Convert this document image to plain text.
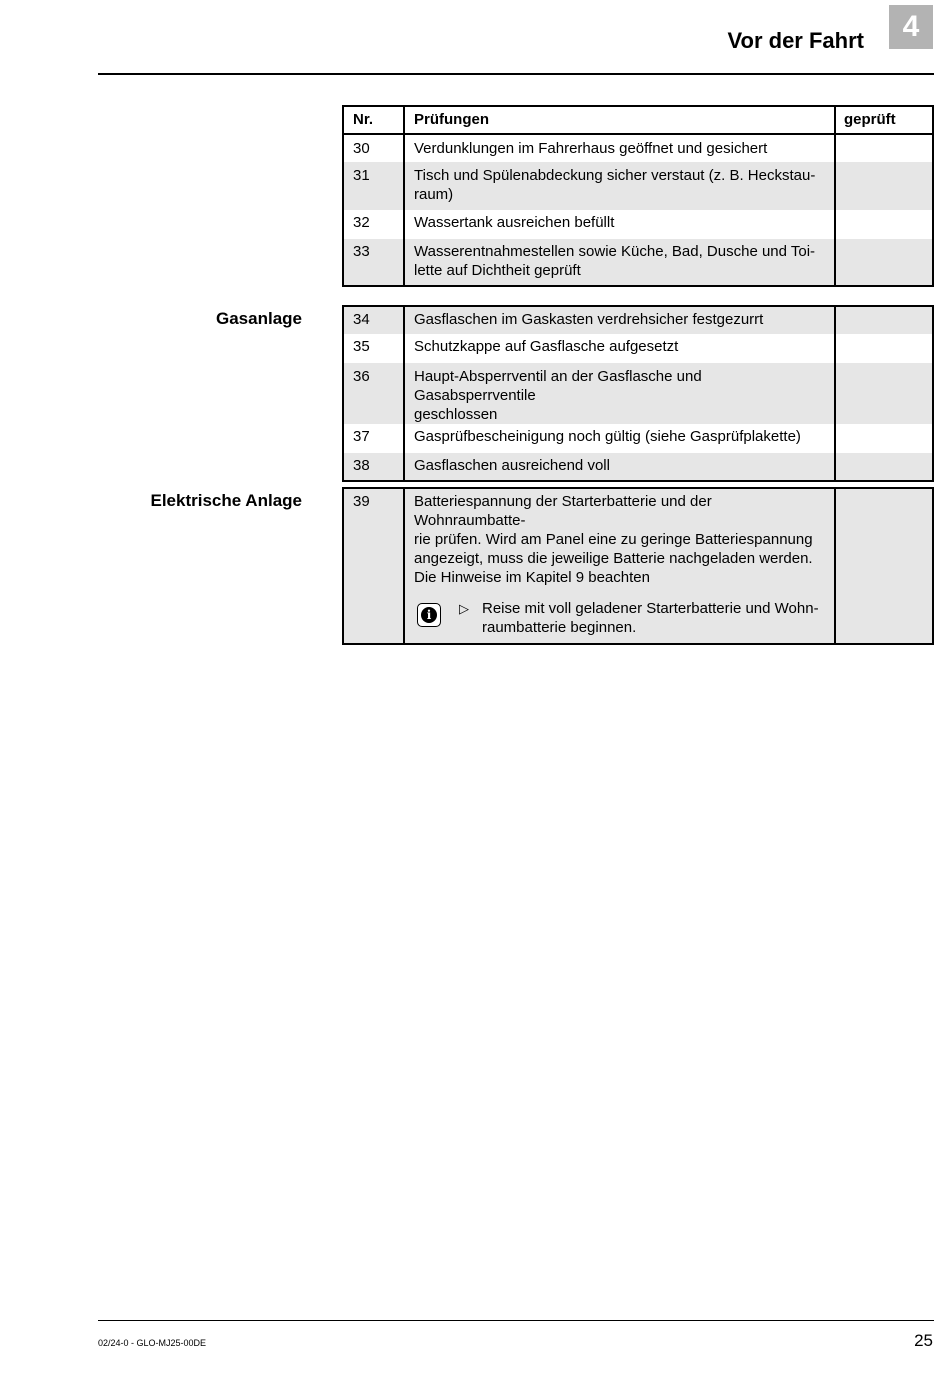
Vor der Fahrt	4
Nr.	Prüfungen	geprüft
30	Verdunklungen im Fahrerhaus geöffnet und gesichert	
31	Tisch und Spülenabdeckung sicher verstaut (z. B. Heckstau-
raum)	
32	Wassertank ausreichen befüllt	
33	Wasserentnahmestellen sowie Küche, Bad, Dusche und Toi-
lette auf Dichtheit geprüft	
Gasanlage	34	Gasflaschen im Gaskasten verdrehsicher festgezurrt	
35	Schutzkappe auf Gasflasche aufgesetzt	
36	Haupt-Absperrventil an der Gasflasche und Gasabsperrventile
geschlossen	
37	Gasprüfbescheinigung noch gültig (siehe Gasprüfplakette)	
38	Gasflaschen ausreichend voll	
Elektrische Anlage	39	Batteriespannung der Starterbatterie und der Wohnraumbatte-
rie prüfen. Wird am Panel eine zu geringe Batteriespannung
angezeigt, muss die jeweilige Batterie nachgeladen werden.
Die Hinweise im Kapitel 9 beachten
i	▷ Reise mit voll geladener Starterbatterie und Wohn-
raumbatterie beginnen.

02/24-0 - GLO-MJ25-00DE	25
